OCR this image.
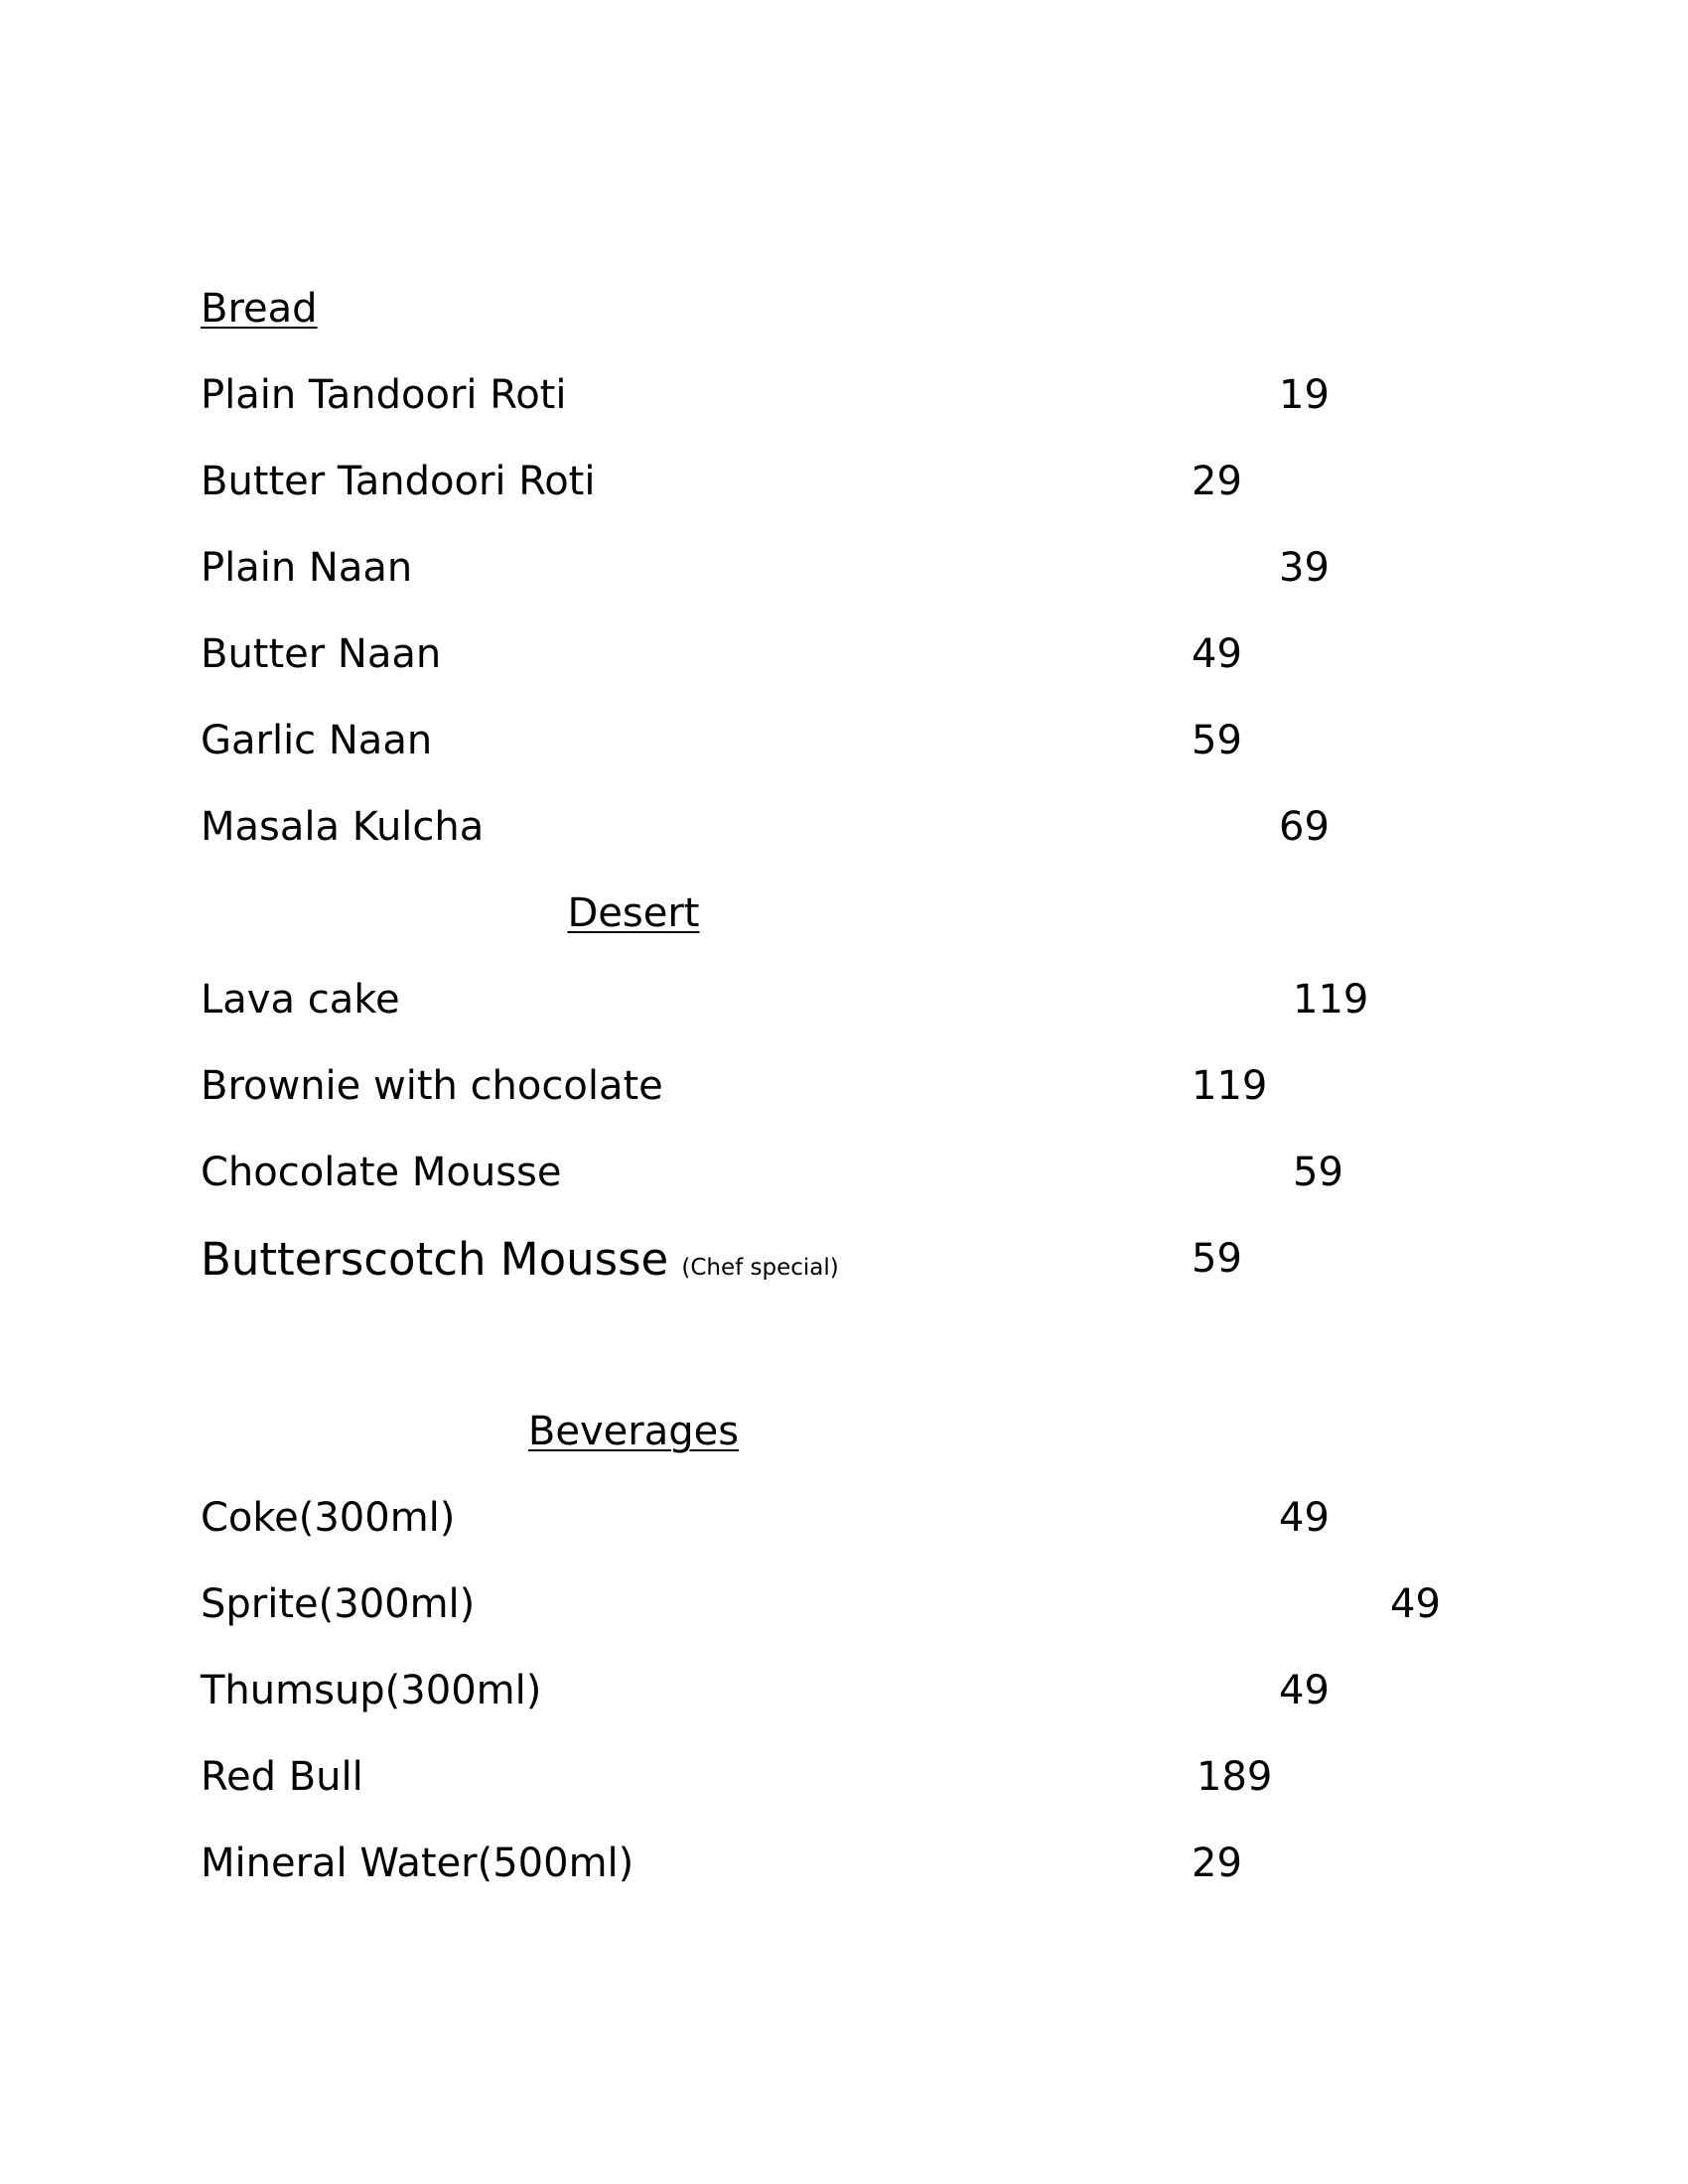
Bread
Plain Tandoori Roti	19
Butter Tandoori Roti	29
Plain Naan	39
Butter Naan	49
Garlic Naan	59
Masala Kulcha	69
Desert
Lava cake	119
Brownie with chocolate	119
Chocolate Mousse	59
Butterscotch Mousse (Chef special)	59
Beverages
Coke(300ml)	49
Sprite(300ml)	49
Thumsup(300ml)	49
Red Bull	189
Mineral Water(500ml)	29
